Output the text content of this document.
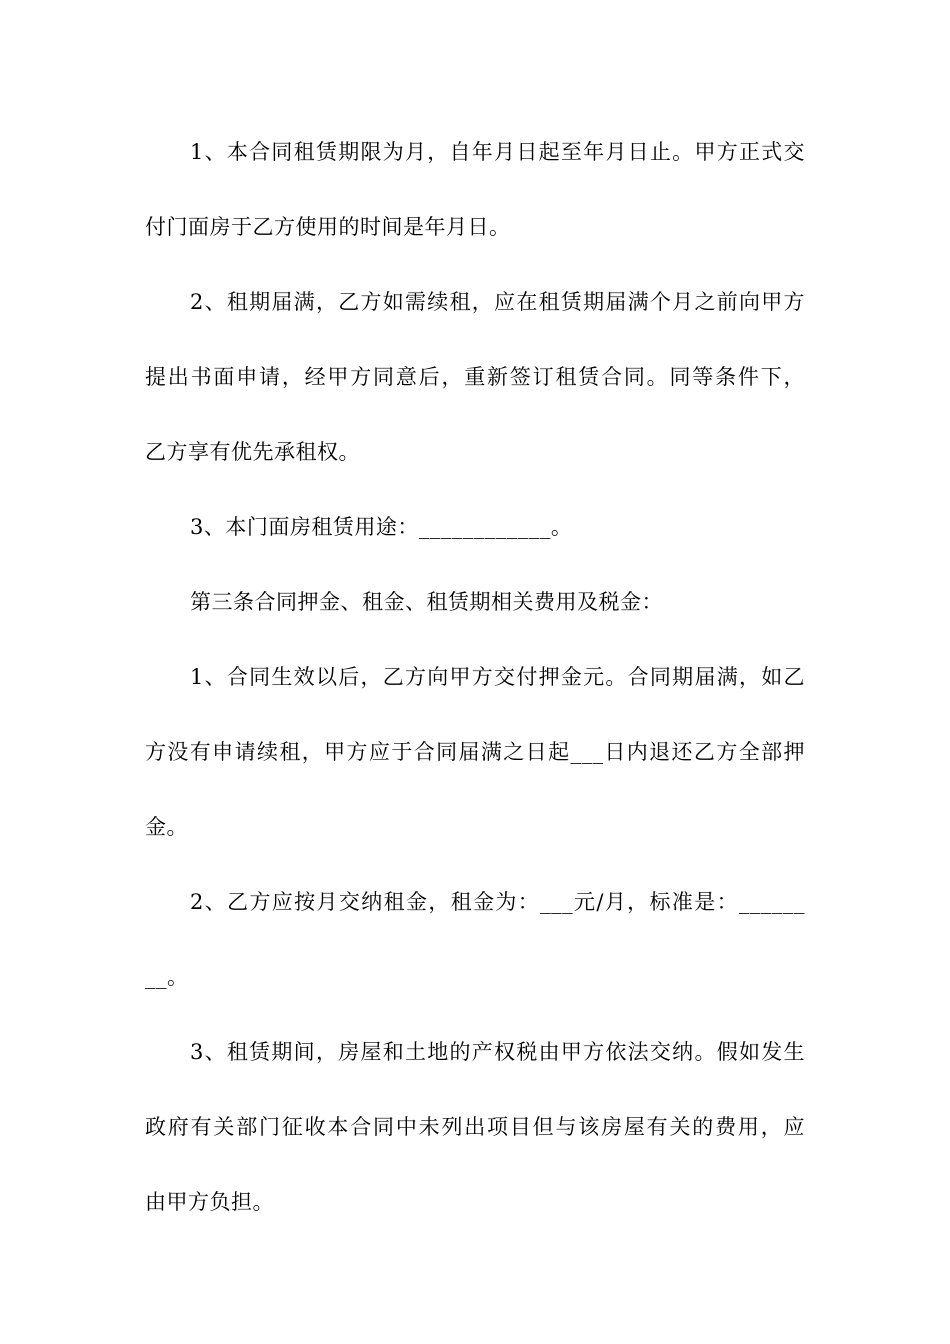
1、本合同租赁期限为月，自年月日起至年月日止。甲方正式交
付门面房于乙方使用的时间是年月日。
2、租期届满，乙方如需续租，应在租赁期届满个月之前向甲方
提出书面申请，经甲方同意后，重新签订租赁合同。同等条件下，
乙方享有优先承租权。
3、本门面房租赁用途：____________。
第三条合同押金、租金、租赁期相关费用及税金：
1、合同生效以后，乙方向甲方交付押金元。合同期届满，如乙
方没有申请续租，甲方应于合同届满之日起___日内退还乙方全部押
金。
2、乙方应按月交纳租金，租金为：___元/月，标准是：______
__。
3、租赁期间，房屋和土地的产权税由甲方依法交纳。假如发生
政府有关部门征收本合同中未列出项目但与该房屋有关的费用，应
由甲方负担。
